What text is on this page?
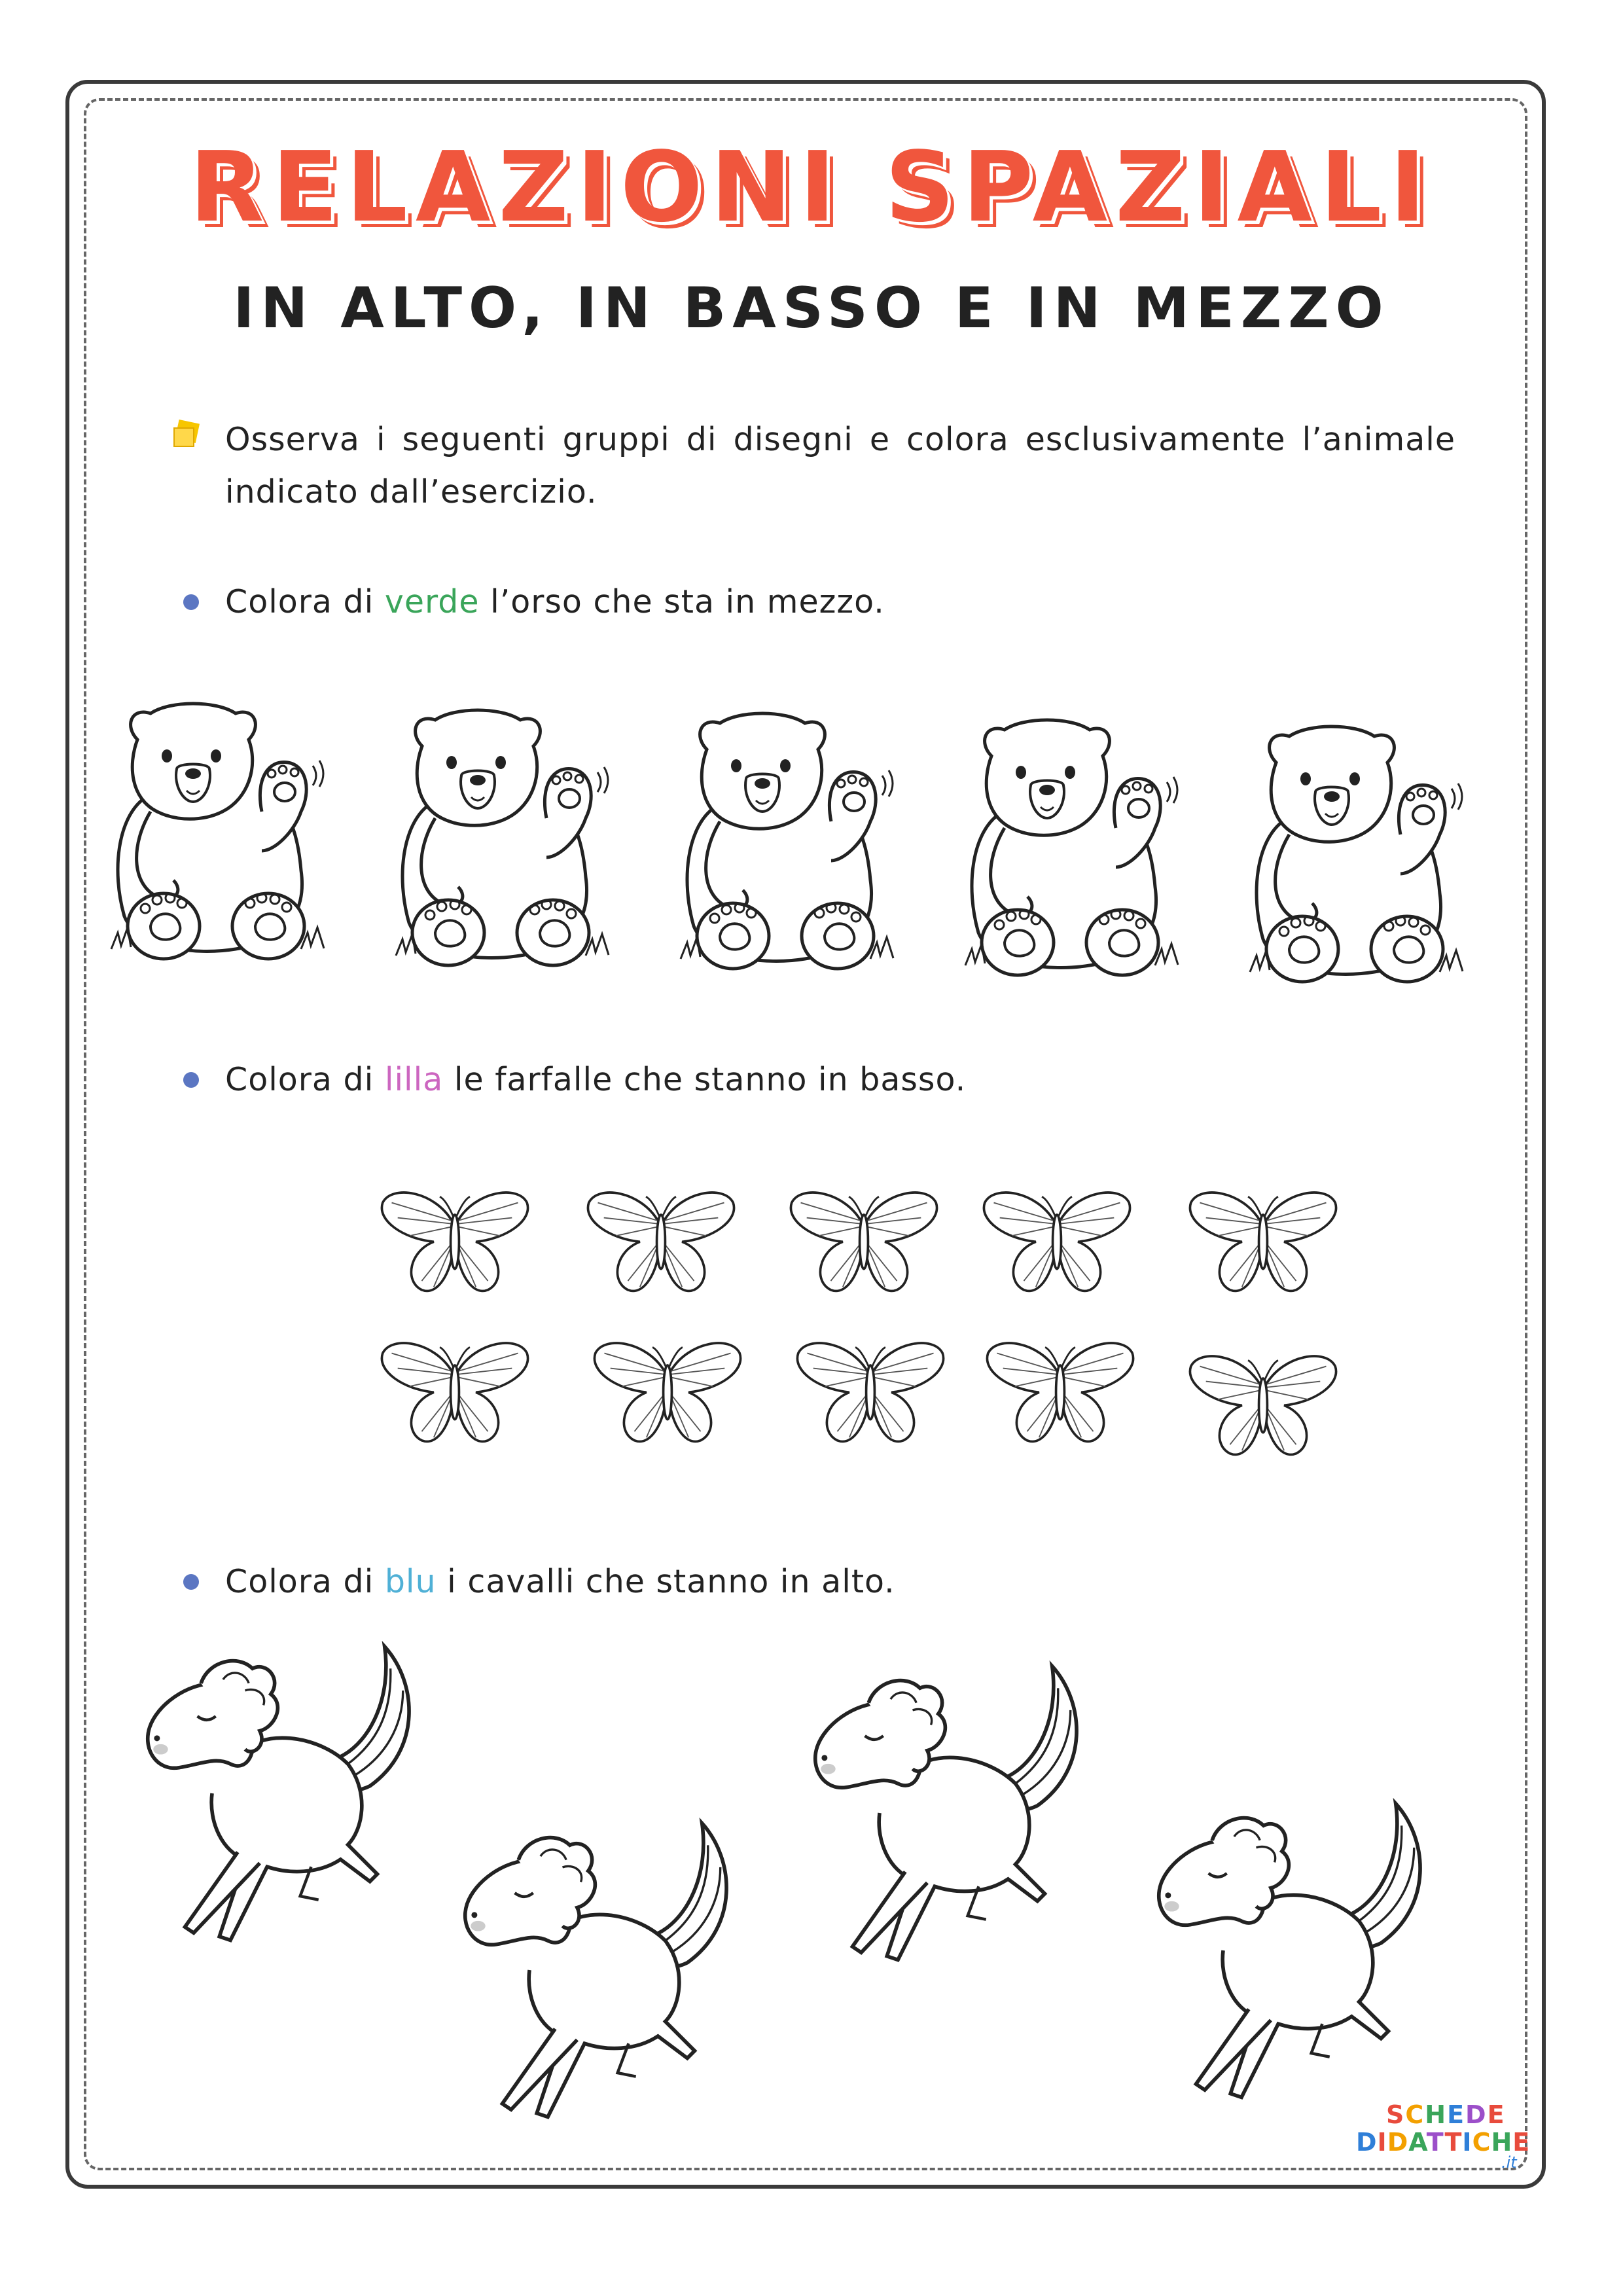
RELAZIONI SPAZIALI
IN ALTO, IN BASSO E IN MEZZO
Osserva i seguenti gruppi di disegni e colora esclusivamente l’animale indicato dall’esercizio.
Colora di verde l’orso che sta in mezzo.
Colora di lilla le farfalle che stanno in basso.
Colora di blu i cavalli che stanno in alto.
SCHEDE
DIDATTICHE
.it
